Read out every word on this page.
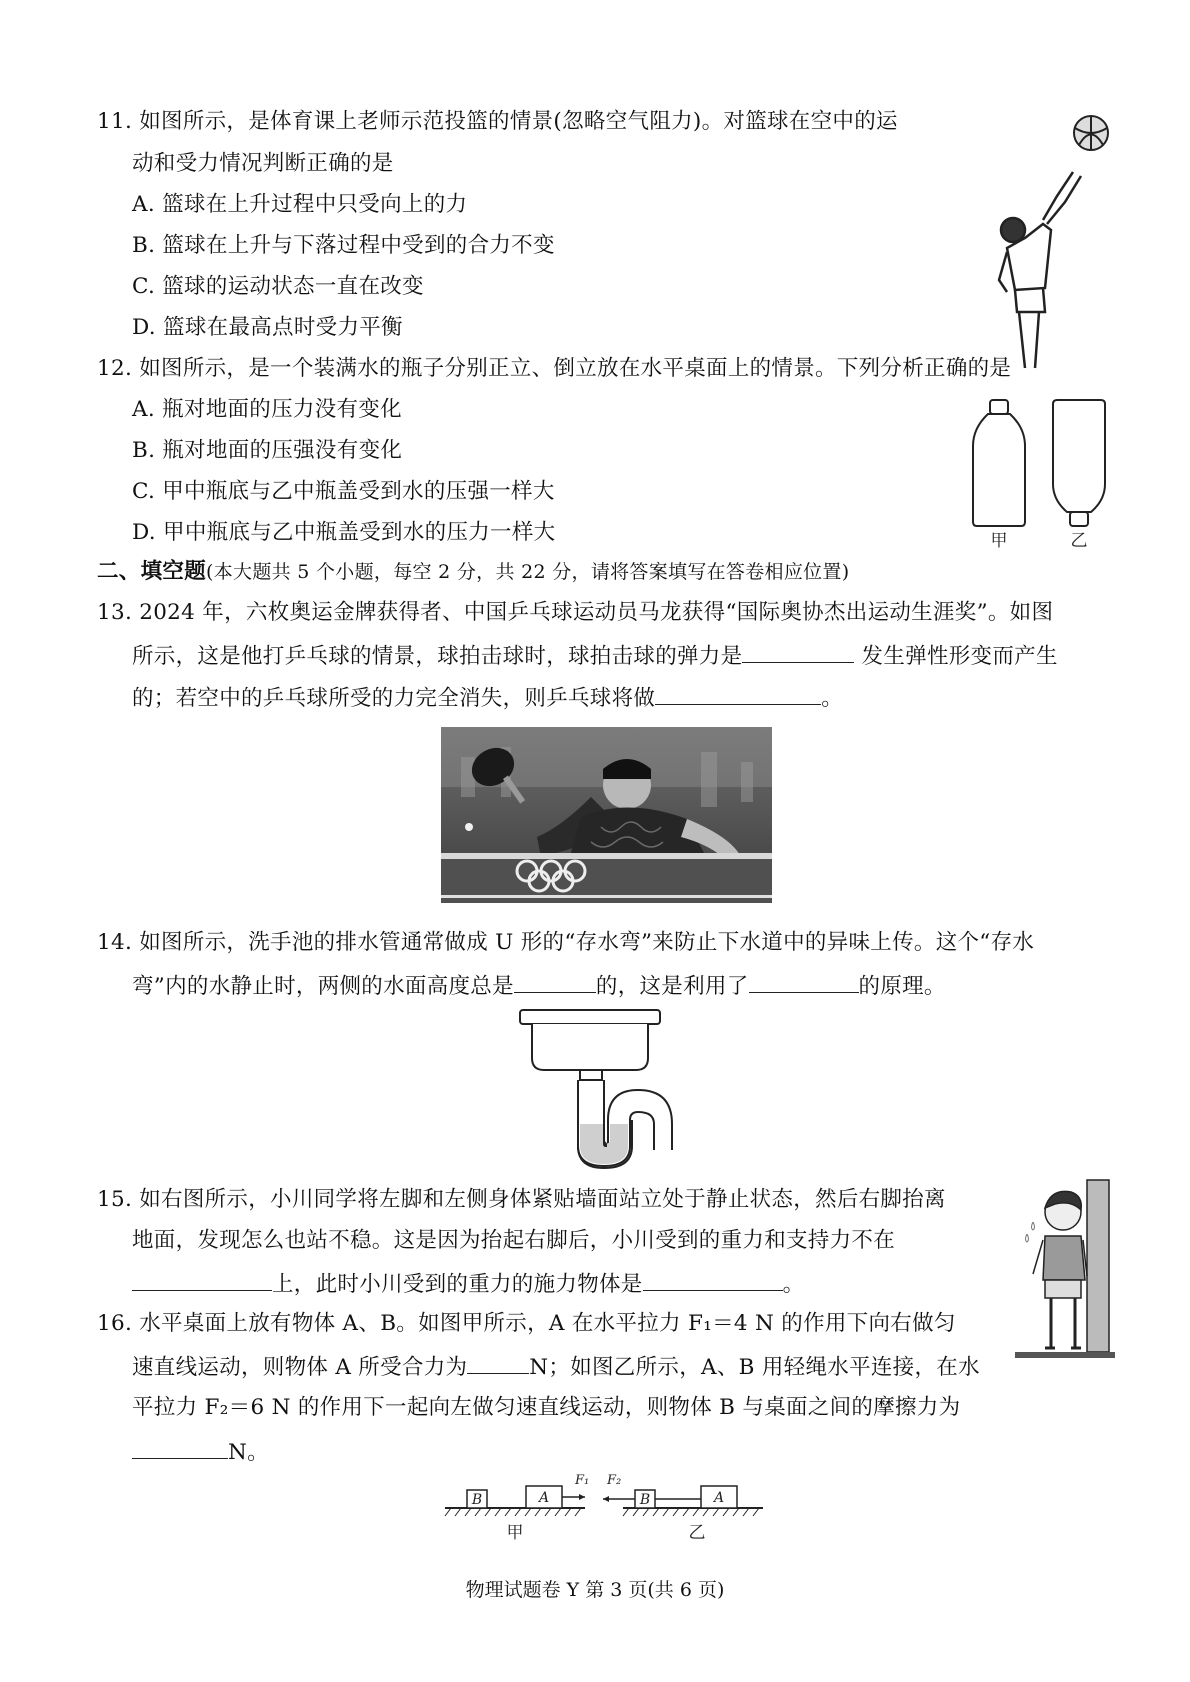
11. 如图所示，是体育课上老师示范投篮的情景(忽略空气阻力)。对篮球在空中的运
动和受力情况判断正确的是
A. 篮球在上升过程中只受向上的力
B. 篮球在上升与下落过程中受到的合力不变
C. 篮球的运动状态一直在改变
D. 篮球在最高点时受力平衡
12. 如图所示，是一个装满水的瓶子分别正立、倒立放在水平桌面上的情景。下列分析正确的是
A. 瓶对地面的压力没有变化
B. 瓶对地面的压强没有变化
C. 甲中瓶底与乙中瓶盖受到水的压强一样大
D. 甲中瓶底与乙中瓶盖受到水的压力一样大	甲	乙
二、填空题(本大题共 5 个小题，每空 2 分，共 22 分，请将答案填写在答卷相应位置)
13. 2024 年，六枚奥运金牌获得者、中国乒乓球运动员马龙获得“国际奥协杰出运动生涯奖”。如图
所示，这是他打乒乓球的情景，球拍击球时，球拍击球的弹力是	发生弹性形变而产生
的；若空中的乒乓球所受的力完全消失，则乒乓球将做	。
14. 如图所示，洗手池的排水管通常做成 U 形的“存水弯”来防止下水道中的异味上传。这个“存水
弯”内的水静止时，两侧的水面高度总是	的，这是利用了	的原理。
15. 如右图所示，小川同学将左脚和左侧身体紧贴墙面站立处于静止状态，然后右脚抬离
地面，发现怎么也站不稳。这是因为抬起右脚后，小川受到的重力和支持力不在
上，此时小川受到的重力的施力物体是	。
16. 水平桌面上放有物体 A、B。如图甲所示，A 在水平拉力 F₁＝4 N 的作用下向右做匀
速直线运动，则物体 A 所受合力为	N；如图乙所示，A、B 用轻绳水平连接，在水
平拉力 F₂＝6 N 的作用下一起向左做匀速直线运动，则物体 B 与桌面之间的摩擦力为
N。
B	A
F₁
甲
F₂
B	A
乙
物理试题卷 Y 第 3 页(共 6 页)
